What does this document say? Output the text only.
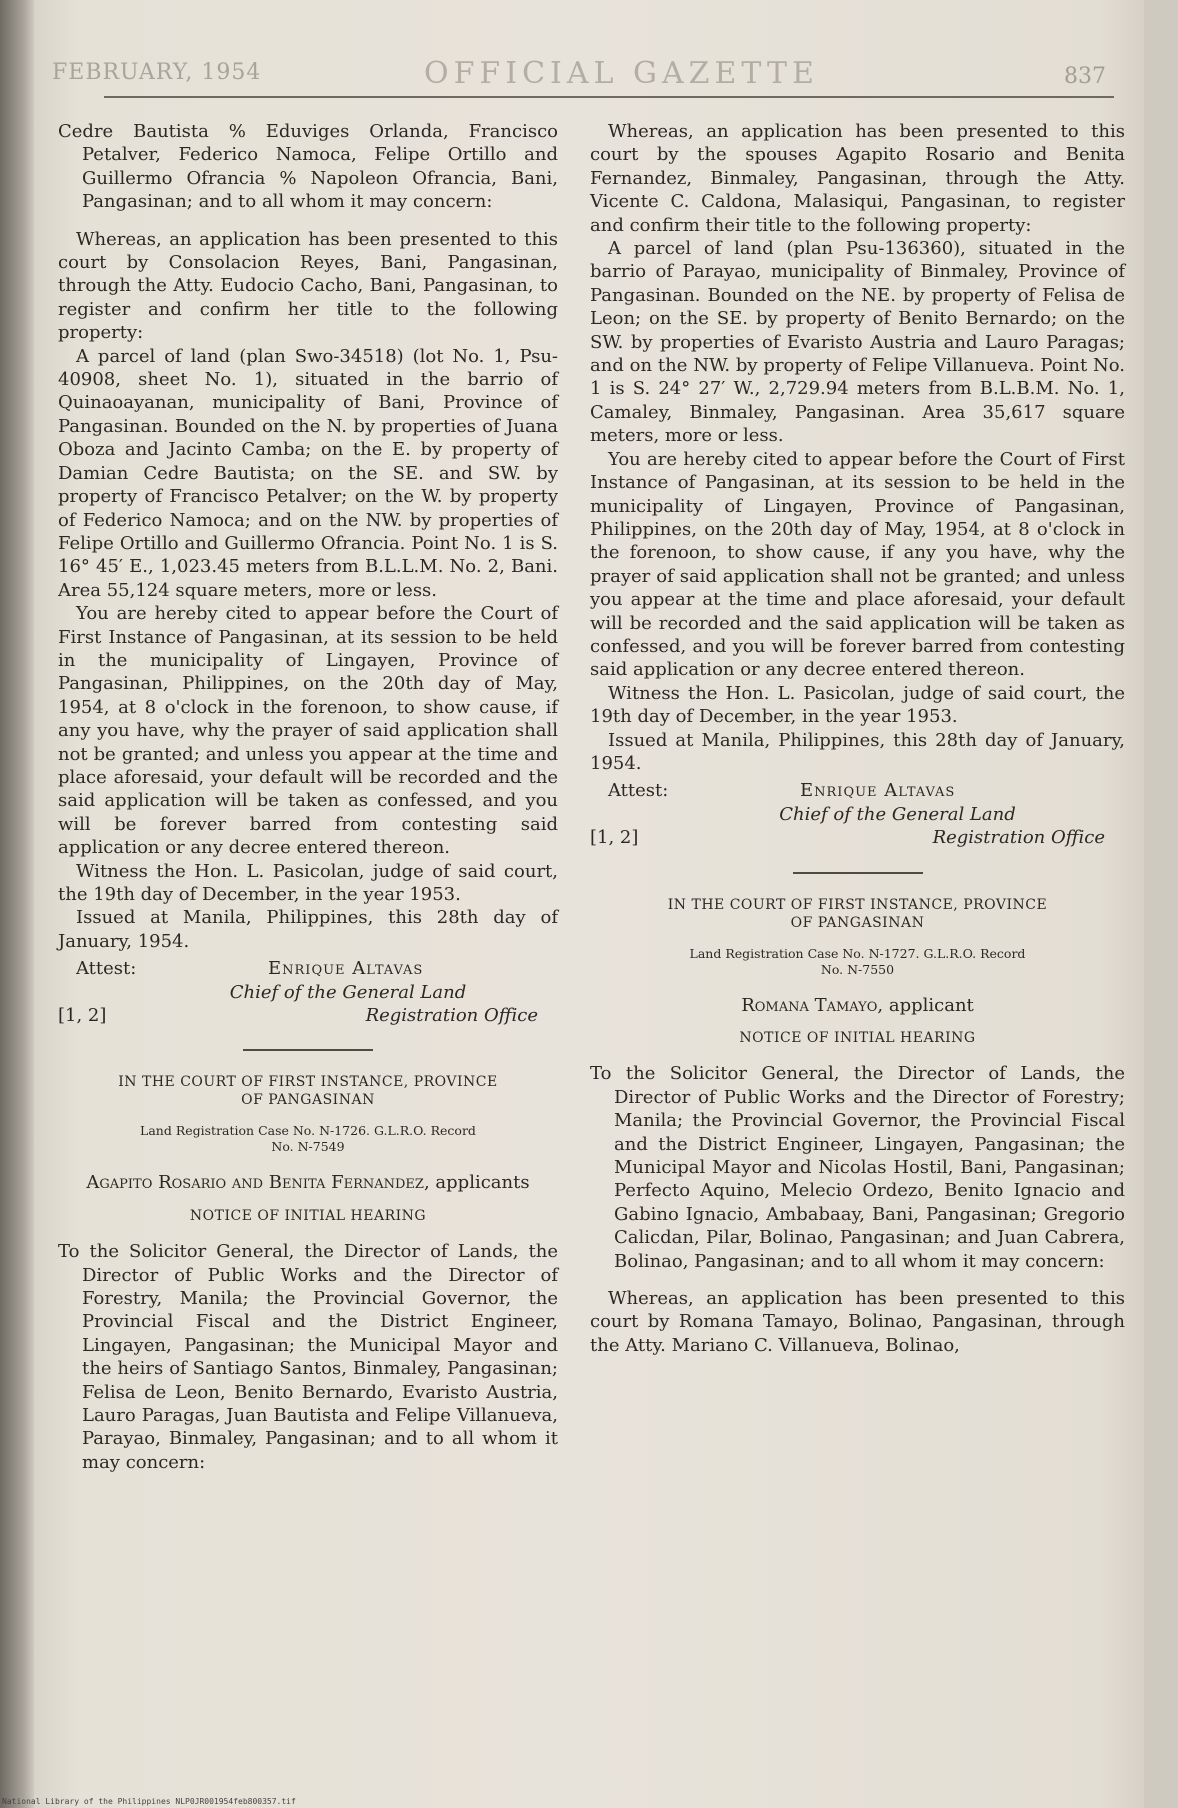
FEBRUARY, 1954	OFFICIAL GAZETTE	837

Cedre Bautista % Eduviges Orlanda, Francisco Petalver, Federico Namoca, Felipe Ortillo and Guillermo Ofrancia % Napoleon Ofrancia, Bani, Pangasinan; and to all whom it may concern:

Whereas, an application has been presented to this court by Consolacion Reyes, Bani, Pangasinan, through the Atty. Eudocio Cacho, Bani, Pangasinan, to register and confirm her title to the following property:

A parcel of land (plan Swo-34518) (lot No. 1, Psu-40908, sheet No. 1), situated in the barrio of Quinaoayanan, municipality of Bani, Province of Pangasinan. Bounded on the N. by properties of Juana Oboza and Jacinto Camba; on the E. by property of Damian Cedre Bautista; on the SE. and SW. by property of Francisco Petalver; on the W. by property of Federico Namoca; and on the NW. by properties of Felipe Ortillo and Guillermo Ofrancia. Point No. 1 is S. 16° 45′ E., 1,023.45 meters from B.L.L.M. No. 2, Bani. Area 55,124 square meters, more or less.

You are hereby cited to appear before the Court of First Instance of Pangasinan, at its session to be held in the municipality of Lingayen, Province of Pangasinan, Philippines, on the 20th day of May, 1954, at 8 o'clock in the forenoon, to show cause, if any you have, why the prayer of said application shall not be granted; and unless you appear at the time and place aforesaid, your default will be recorded and the said application will be taken as confessed, and you will be forever barred from contesting said application or any decree entered thereon.

Witness the Hon. L. Pasicolan, judge of said court, the 19th day of December, in the year 1953.

Issued at Manila, Philippines, this 28th day of January, 1954.

Attest:	Enrique Altavas

Chief of the General Land

[1, 2]	Registration Office
IN THE COURT OF FIRST INSTANCE, PROVINCE
OF PANGASINAN
Land Registration Case No. N-1726. G.L.R.O. Record
No. N-7549
Agapito Rosario and Benita Fernandez, applicants
NOTICE OF INITIAL HEARING

To the Solicitor General, the Director of Lands, the Director of Public Works and the Director of Forestry, Manila; the Provincial Governor, the Provincial Fiscal and the District Engineer, Lingayen, Pangasinan; the Municipal Mayor and the heirs of Santiago Santos, Binmaley, Pangasinan; Felisa de Leon, Benito Bernardo, Evaristo Austria, Lauro Paragas, Juan Bautista and Felipe Villanueva, Parayao, Binmaley, Pangasinan; and to all whom it may concern:

Whereas, an application has been presented to this court by the spouses Agapito Rosario and Benita Fernandez, Binmaley, Pangasinan, through the Atty. Vicente C. Caldona, Malasiqui, Pangasinan, to register and confirm their title to the following property:

A parcel of land (plan Psu-136360), situated in the barrio of Parayao, municipality of Binmaley, Province of Pangasinan. Bounded on the NE. by property of Felisa de Leon; on the SE. by property of Benito Bernardo; on the SW. by properties of Evaristo Austria and Lauro Paragas; and on the NW. by property of Felipe Villanueva. Point No. 1 is S. 24° 27′ W., 2,729.94 meters from B.L.B.M. No. 1, Camaley, Binmaley, Pangasinan. Area 35,617 square meters, more or less.

You are hereby cited to appear before the Court of First Instance of Pangasinan, at its session to be held in the municipality of Lingayen, Province of Pangasinan, Philippines, on the 20th day of May, 1954, at 8 o'clock in the forenoon, to show cause, if any you have, why the prayer of said application shall not be granted; and unless you appear at the time and place aforesaid, your default will be recorded and the said application will be taken as confessed, and you will be forever barred from contesting said application or any decree entered thereon.

Witness the Hon. L. Pasicolan, judge of said court, the 19th day of December, in the year 1953.

Issued at Manila, Philippines, this 28th day of January, 1954.

Attest:	Enrique Altavas

Chief of the General Land

[1, 2]	Registration Office
IN THE COURT OF FIRST INSTANCE, PROVINCE
OF PANGASINAN
Land Registration Case No. N-1727. G.L.R.O. Record
No. N-7550
Romana Tamayo, applicant
NOTICE OF INITIAL HEARING

To the Solicitor General, the Director of Lands, the Director of Public Works and the Director of Forestry; Manila; the Provincial Governor, the Provincial Fiscal and the District Engineer, Lingayen, Pangasinan; the Municipal Mayor and Nicolas Hostil, Bani, Pangasinan; Perfecto Aquino, Melecio Ordezo, Benito Ignacio and Gabino Ignacio, Ambabaay, Bani, Pangasinan; Gregorio Calicdan, Pilar, Bolinao, Pangasinan; and Juan Cabrera, Bolinao, Pangasinan; and to all whom it may concern:

Whereas, an application has been presented to this court by Romana Tamayo, Bolinao, Pangasinan, through the Atty. Mariano C. Villanueva, Bolinao,

National Library of the Philippines NLP0JR001954feb800357.tif
